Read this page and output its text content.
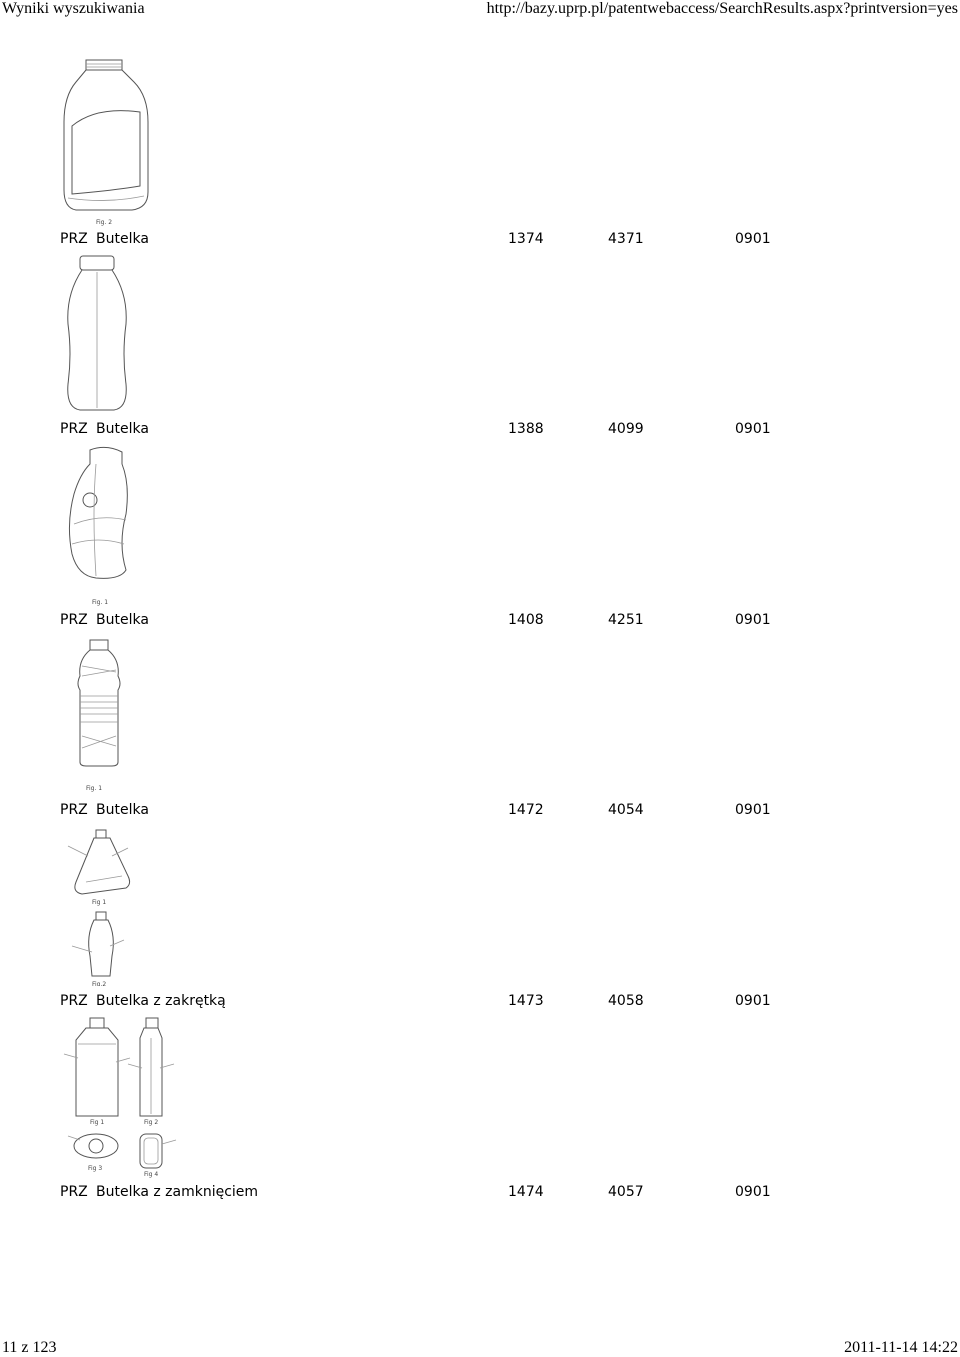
Wyniki wyszukiwania	http://bazy.uprp.pl/patentwebaccess/SearchResults.aspx?printversion=yes
Fig. 2
PRZ Butelka	1374	4371	0901
PRZ Butelka	1388	4099	0901
Fig. 1
PRZ Butelka	1408	4251	0901
Fig. 1
PRZ Butelka	1472	4054	0901
Fig 1
Fig.2
PRZ Butelka z zakrętką	1473	4058	0901
Fig 1	Fig 2
Fig 3
Fig 4
PRZ Butelka z zamknięciem	1474	4057	0901
11 z 123	2011-11-14 14:22
